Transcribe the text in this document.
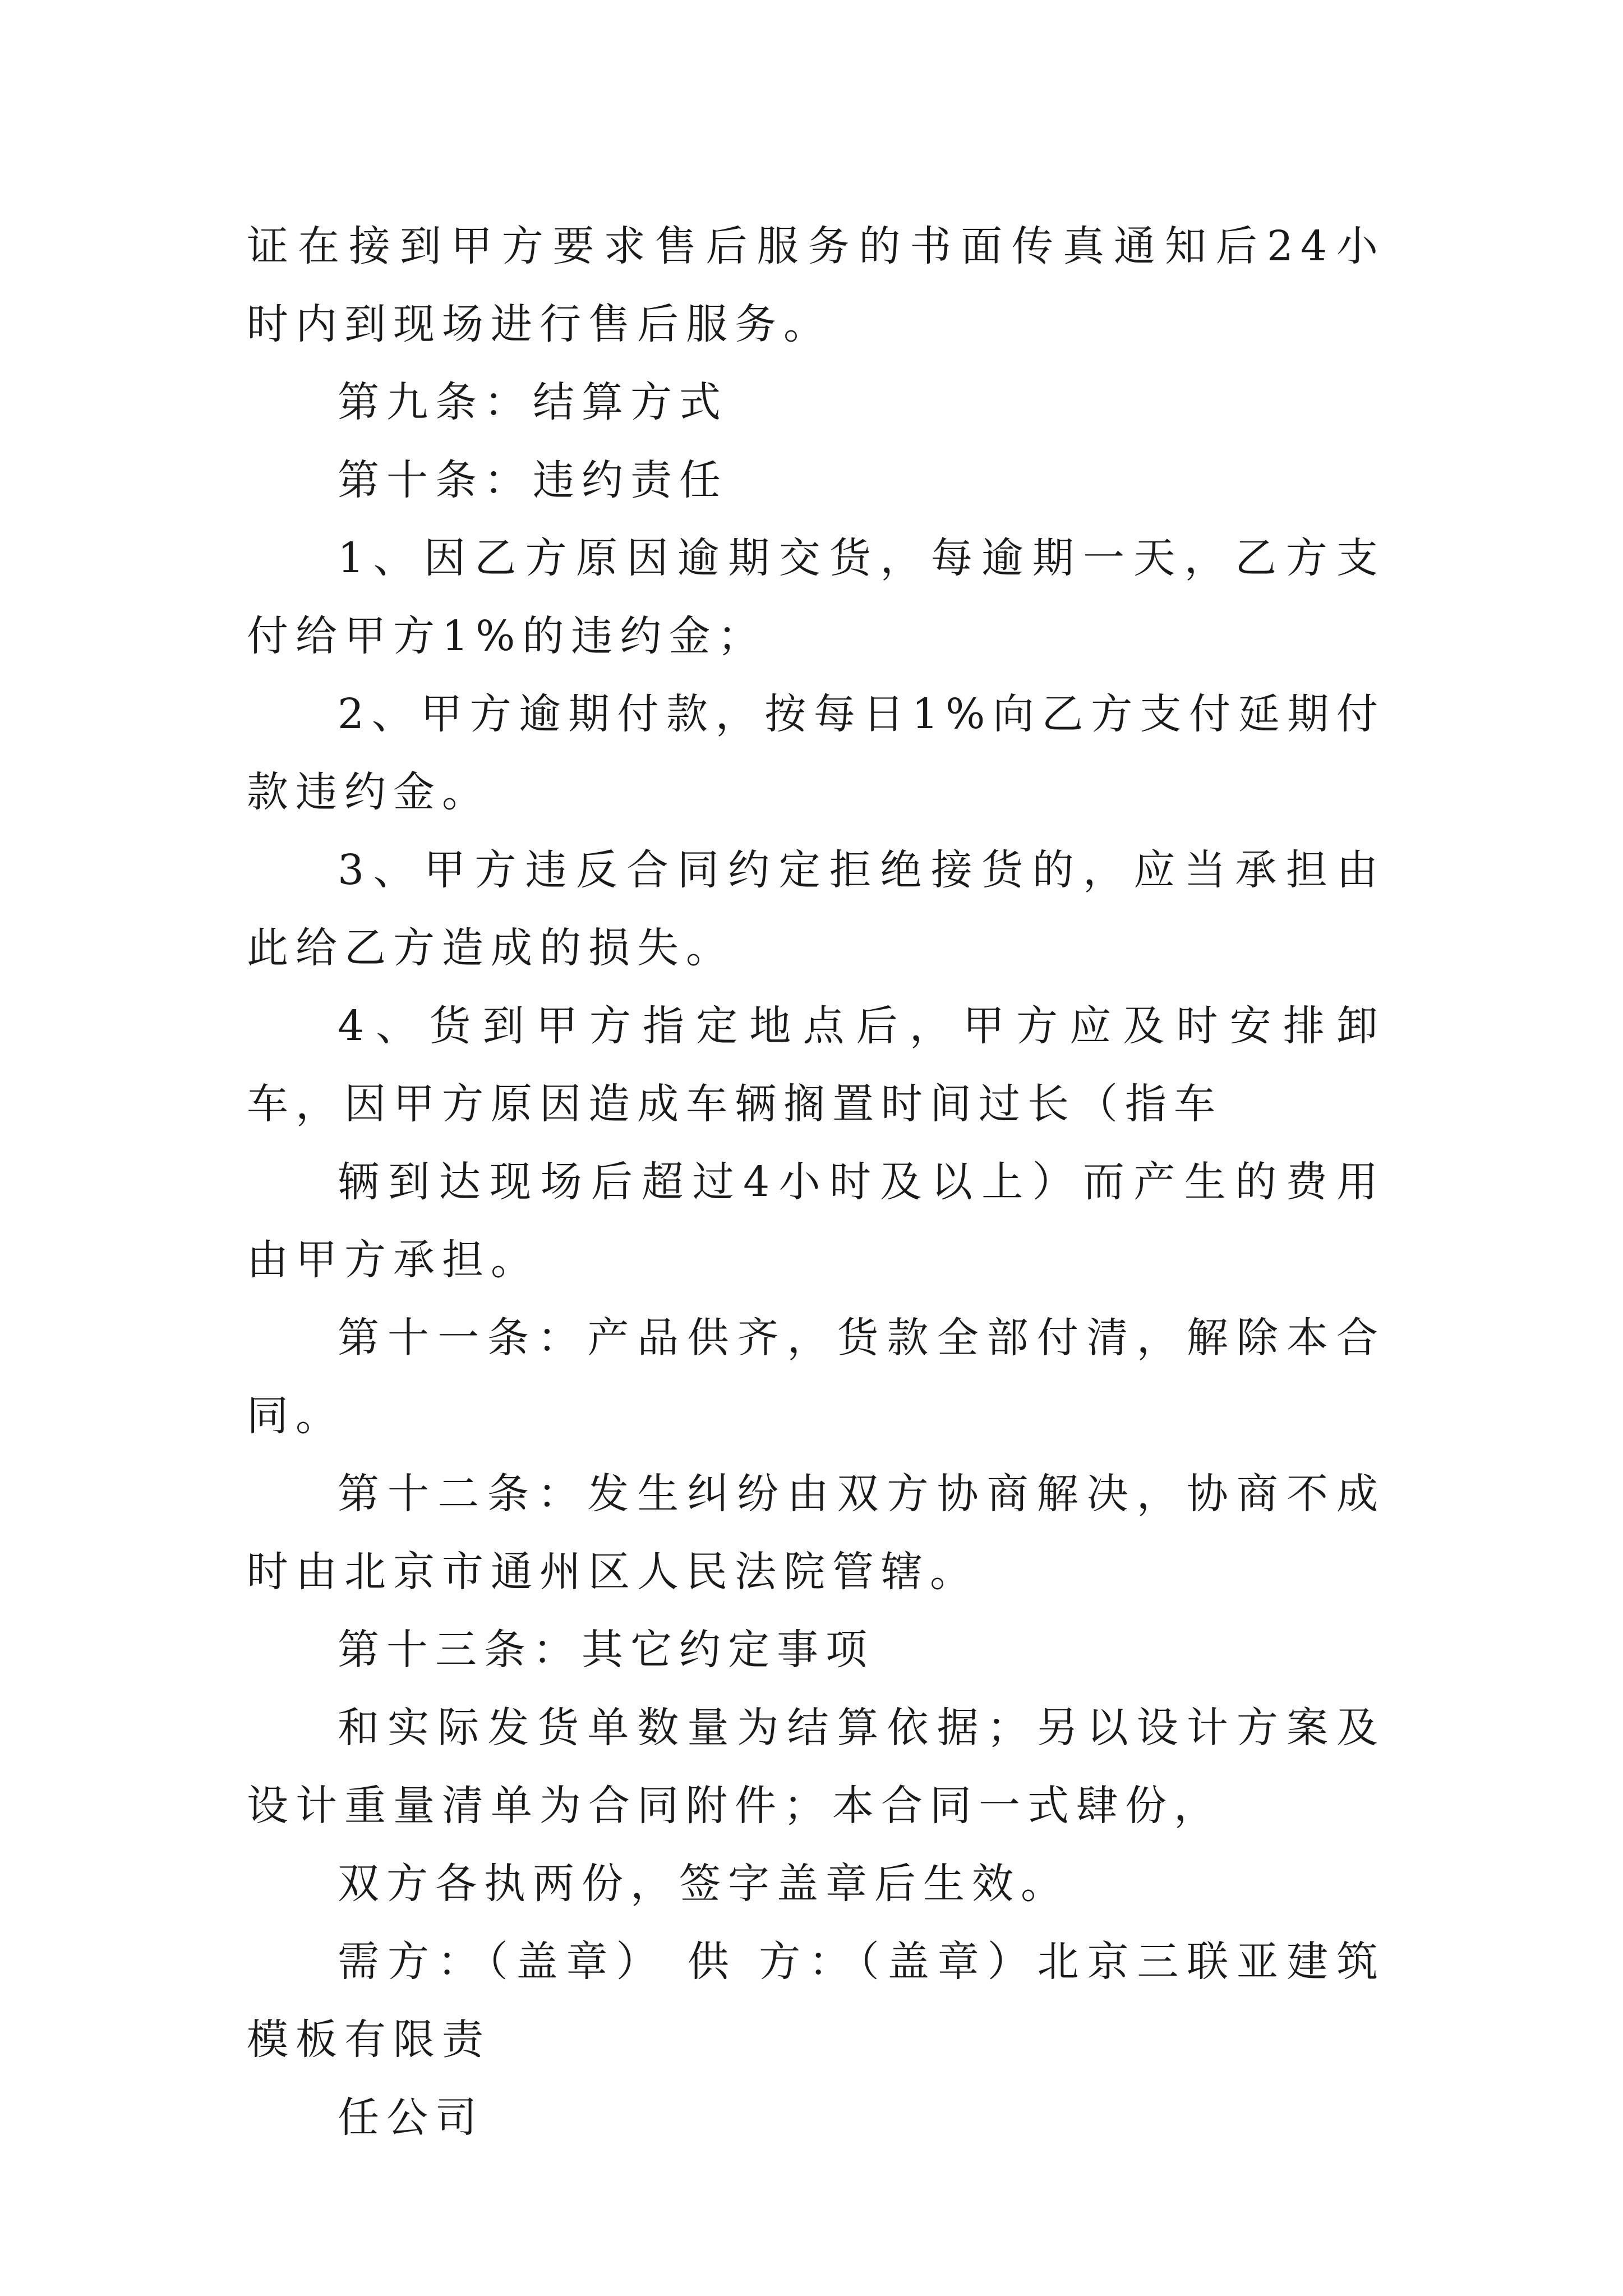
证在接到甲方要求售后服务的书面传真通知后24小时内到现场进行售后服务。

第九条：结算方式

第十条：违约责任

1、因乙方原因逾期交货，每逾期一天，乙方支付给甲方1%的违约金；

2、甲方逾期付款，按每日1%向乙方支付延期付款违约金。

3、甲方违反合同约定拒绝接货的，应当承担由此给乙方造成的损失。

4、货到甲方指定地点后，甲方应及时安排卸车，因甲方原因造成车辆搁置时间过长（指车

辆到达现场后超过4小时及以上）而产生的费用由甲方承担。

第十一条：产品供齐，货款全部付清，解除本合同。

第十二条：发生纠纷由双方协商解决，协商不成时由北京市通州区人民法院管辖。

第十三条：其它约定事项

和实际发货单数量为结算依据；另以设计方案及设计重量清单为合同附件；本合同一式肆份，

双方各执两份，签字盖章后生效。

需方：（盖章） 供 方：（盖章）北京三联亚建筑模板有限责

任公司
